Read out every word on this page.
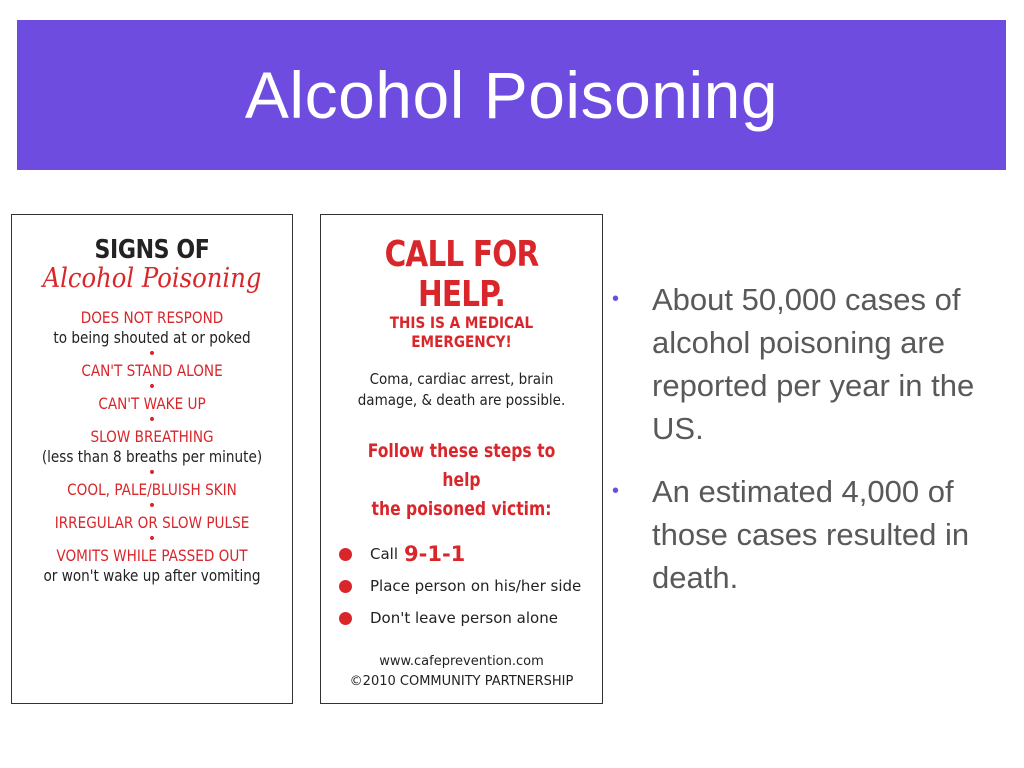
Alcohol Poisoning
SIGNS OF
Alcohol Poisoning
DOES NOT RESPOND
to being shouted at or poked
•
CAN'T STAND ALONE
•
CAN'T WAKE UP
•
SLOW BREATHING
(less than 8 breaths per minute)
•
COOL, PALE/BLUISH SKIN
•
IRREGULAR OR SLOW PULSE
•
VOMITS WHILE PASSED OUT
or won't wake up after vomiting
CALL FOR HELP.
THIS IS A MEDICAL EMERGENCY!
Coma, cardiac arrest, brain
damage, & death are possible.
Follow these steps to help
the poisoned victim:
Call 9-1-1
Place person on his/her side
Don't leave person alone
www.cafeprevention.com
©2010 COMMUNITY PARTNERSHIP
•	About 50,000 cases of alcohol poisoning are reported per year in the US.
•	An estimated 4,000 of those cases resulted in death.
